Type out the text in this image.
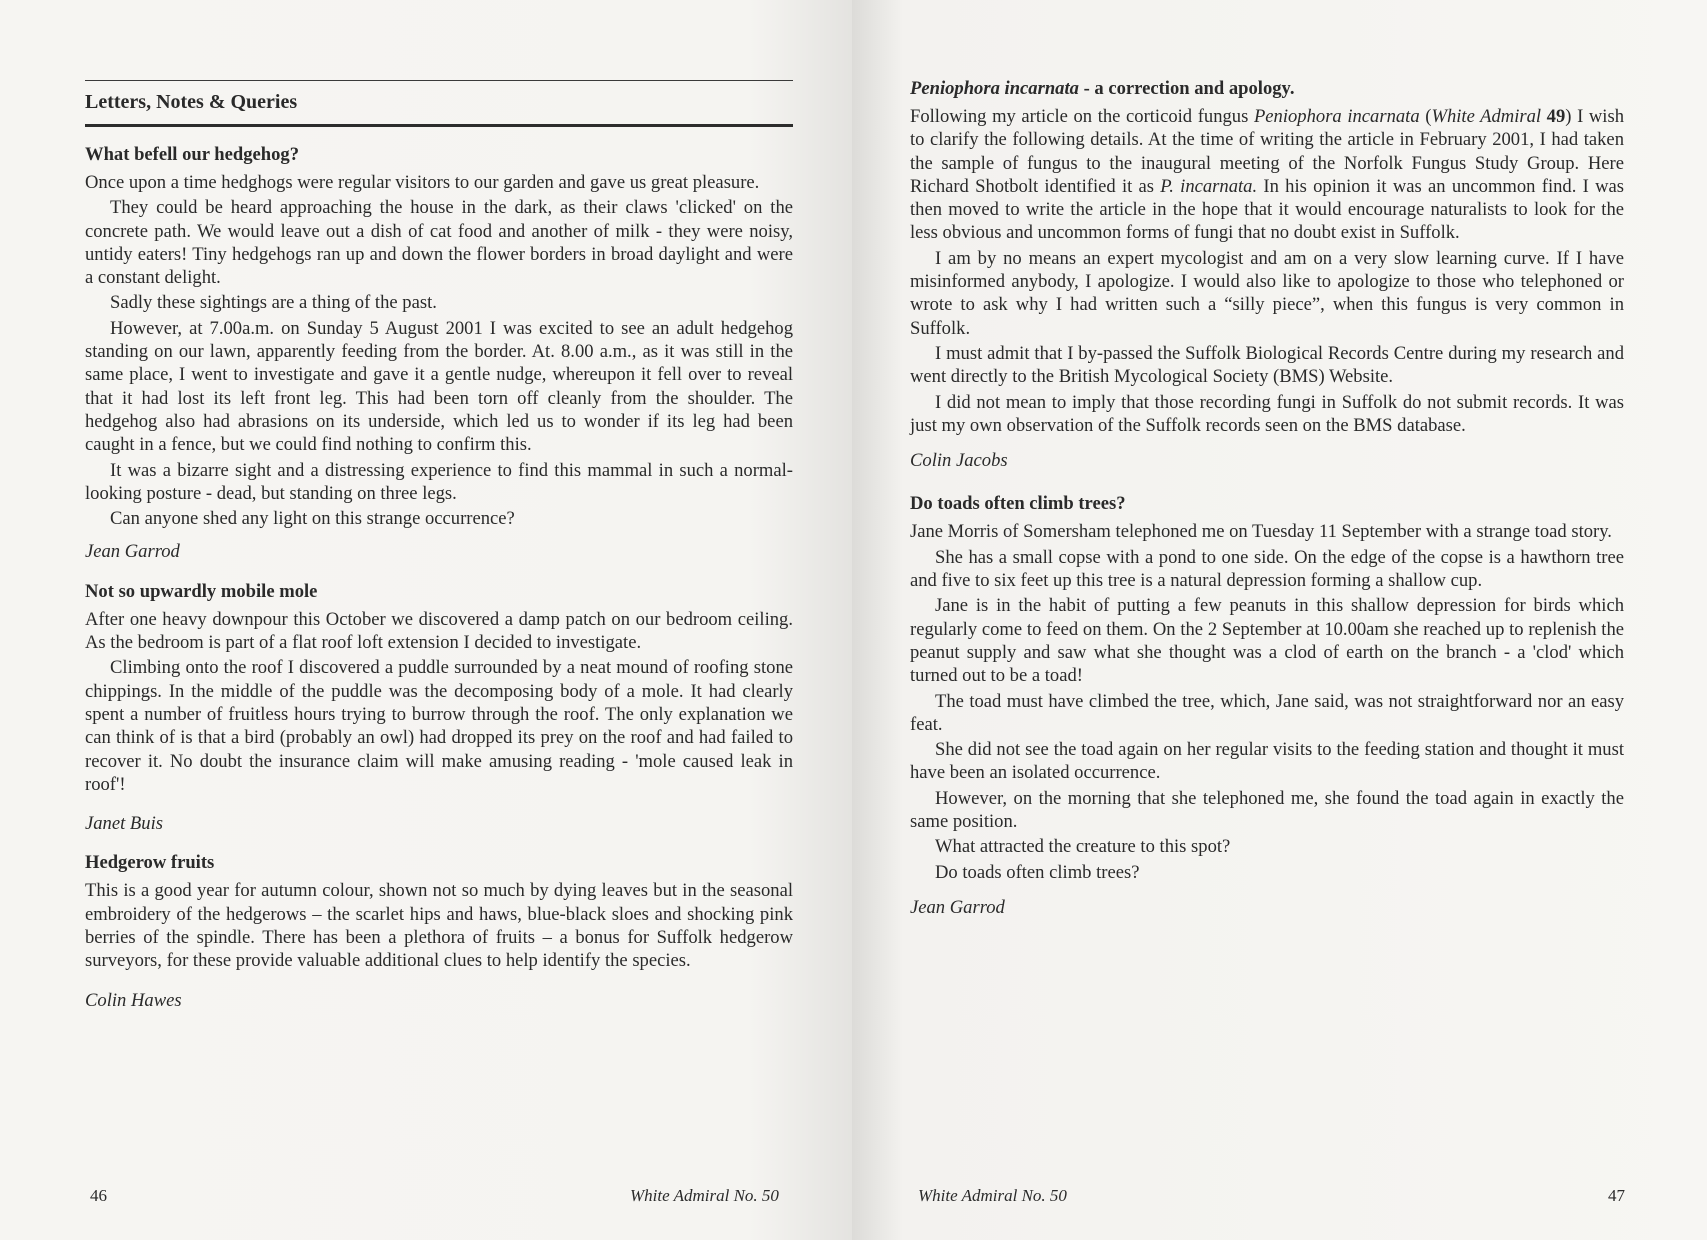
Letters, Notes & Queries
What befell our hedgehog?

Once upon a time hedghogs were regular visitors to our garden and gave us great pleasure.

They could be heard approaching the house in the dark, as their claws 'clicked' on the concrete path. We would leave out a dish of cat food and another of milk - they were noisy, untidy eaters! Tiny hedgehogs ran up and down the flower borders in broad daylight and were a constant delight.

Sadly these sightings are a thing of the past.

However, at 7.00a.m. on Sunday 5 August 2001 I was excited to see an adult hedgehog standing on our lawn, apparently feeding from the border. At. 8.00 a.m., as it was still in the same place, I went to investigate and gave it a gentle nudge, whereupon it fell over to reveal that it had lost its left front leg. This had been torn off cleanly from the shoulder. The hedgehog also had abrasions on its underside, which led us to wonder if its leg had been caught in a fence, but we could find nothing to confirm this.

It was a bizarre sight and a distressing experience to find this mammal in such a normal-looking posture - dead, but standing on three legs.

Can anyone shed any light on this strange occurrence?

Jean Garrod
Not so upwardly mobile mole

After one heavy downpour this October we discovered a damp patch on our bedroom ceiling. As the bedroom is part of a flat roof loft extension I decided to investigate.

Climbing onto the roof I discovered a puddle surrounded by a neat mound of roofing stone chippings. In the middle of the puddle was the decomposing body of a mole. It had clearly spent a number of fruitless hours trying to burrow through the roof. The only explanation we can think of is that a bird (probably an owl) had dropped its prey on the roof and had failed to recover it. No doubt the insurance claim will make amusing reading - 'mole caused leak in roof'!

Janet Buis
Hedgerow fruits

This is a good year for autumn colour, shown not so much by dying leaves but in the seasonal embroidery of the hedgerows – the scarlet hips and haws, blue-black sloes and shocking pink berries of the spindle. There has been a plethora of fruits – a bonus for Suffolk hedgerow surveyors, for these provide valuable additional clues to help identify the species.

Colin Hawes
46	White Admiral No. 50
Peniophora incarnata - a correction and apology.

Following my article on the corticoid fungus Peniophora incarnata (White Admiral 49) I wish to clarify the following details. At the time of writing the article in February 2001, I had taken the sample of fungus to the inaugural meeting of the Norfolk Fungus Study Group. Here Richard Shotbolt identified it as P. incarnata. In his opinion it was an uncommon find. I was then moved to write the article in the hope that it would encourage naturalists to look for the less obvious and uncommon forms of fungi that no doubt exist in Suffolk.

I am by no means an expert mycologist and am on a very slow learning curve. If I have misinformed anybody, I apologize. I would also like to apologize to those who telephoned or wrote to ask why I had written such a “silly piece”, when this fungus is very common in Suffolk.

I must admit that I by-passed the Suffolk Biological Records Centre during my research and went directly to the British Mycological Society (BMS) Website.

I did not mean to imply that those recording fungi in Suffolk do not submit records. It was just my own observation of the Suffolk records seen on the BMS database.

Colin Jacobs
Do toads often climb trees?

Jane Morris of Somersham telephoned me on Tuesday 11 September with a strange toad story.

She has a small copse with a pond to one side. On the edge of the copse is a hawthorn tree and five to six feet up this tree is a natural depression forming a shallow cup.

Jane is in the habit of putting a few peanuts in this shallow depression for birds which regularly come to feed on them. On the 2 September at 10.00am she reached up to replenish the peanut supply and saw what she thought was a clod of earth on the branch - a 'clod' which turned out to be a toad!

The toad must have climbed the tree, which, Jane said, was not straightforward nor an easy feat.

She did not see the toad again on her regular visits to the feeding station and thought it must have been an isolated occurrence.

However, on the morning that she telephoned me, she found the toad again in exactly the same position.

What attracted the creature to this spot?

Do toads often climb trees?

Jean Garrod
White Admiral No. 50	47
